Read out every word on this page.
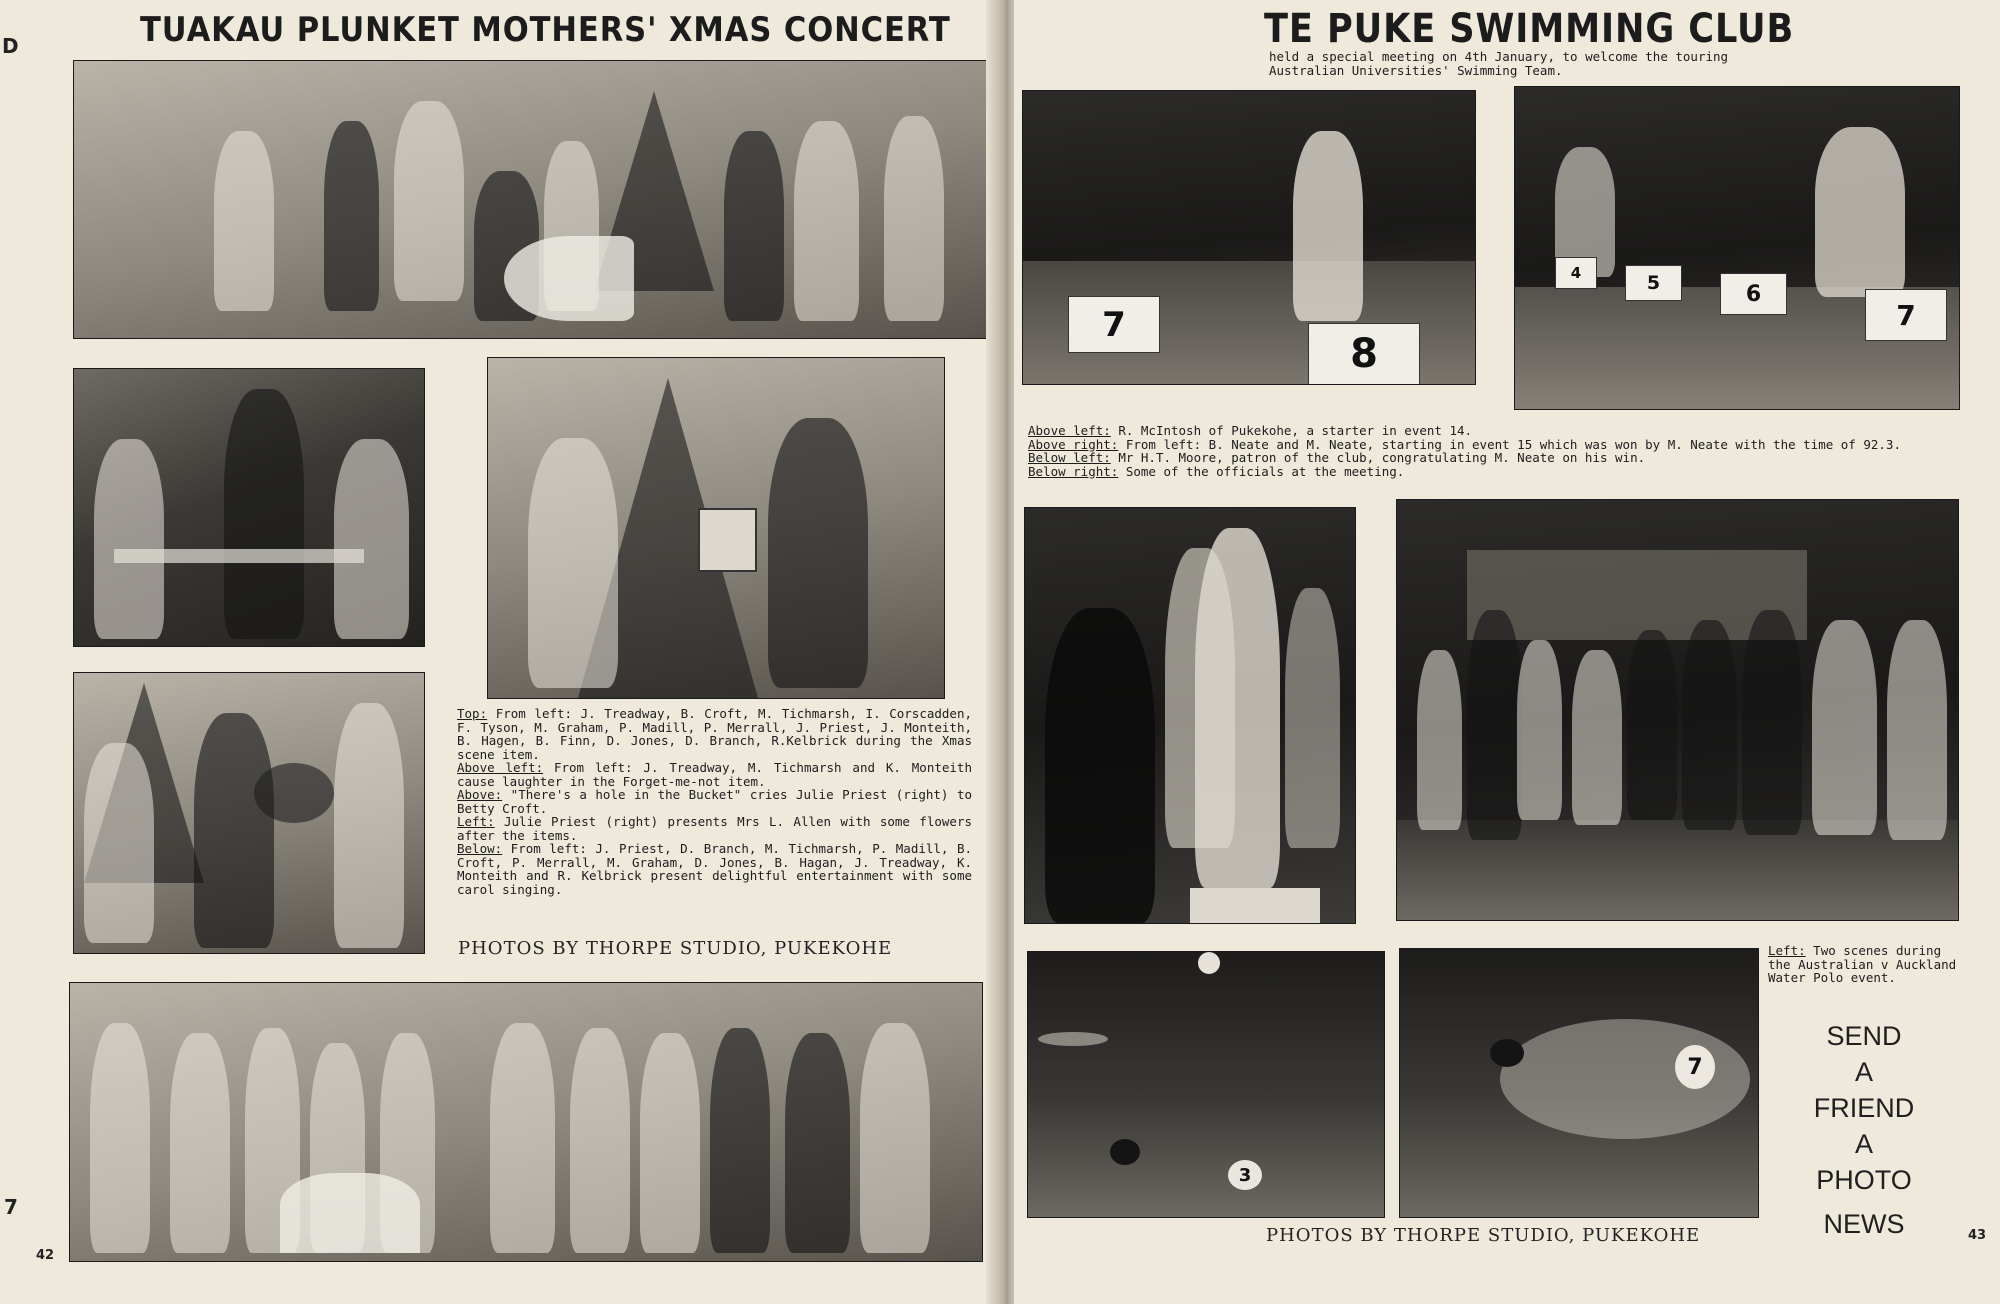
D

7

TUAKAU PLUNKET MOTHERS' XMAS CONCERT

Top: From left: J. Treadway, B. Croft, M. Tichmarsh, I. Corscadden, F. Tyson, M. Graham, P. Madill, P. Merrall, J. Priest, J. Monteith, B. Hagen, B. Finn, D. Jones, D. Branch, R.Kelbrick during the Xmas scene item.

Above left: From left: J. Treadway, M. Tichmarsh and K. Monteith cause laughter in the Forget-me-not item.

Above: "There's a hole in the Bucket" cries Julie Priest (right) to Betty Croft.

Left: Julie Priest (right) presents Mrs L. Allen with some flowers after the items.

Below: From left: J. Priest, D. Branch, M. Tichmarsh, P. Madill, B. Croft, P. Merrall, M. Graham, D. Jones, B. Hagan, J. Treadway, K. Monteith and R. Kelbrick present delightful entertainment with some carol singing.

PHOTOS BY THORPE STUDIO, PUKEKOHE

42

TE PUKE SWIMMING CLUB

held a special meeting on 4th January, to welcome the touring Australian Universities' Swimming Team.

7
8
4	5	6
7

Above left: R. McIntosh of Pukekohe, a starter in event 14.

Above right: From left: B. Neate and M. Neate, starting in event 15 which was won by M. Neate with the time of 92.3.

Below left: Mr H.T. Moore, patron of the club, congratulating M. Neate on his win.

Below right: Some of the officials at the meeting.

3
7

Left: Two scenes during the Australian v Auckland Water Polo event.

SEND
A
FRIEND
A
PHOTO
NEWS

PHOTOS BY THORPE STUDIO, PUKEKOHE	43
